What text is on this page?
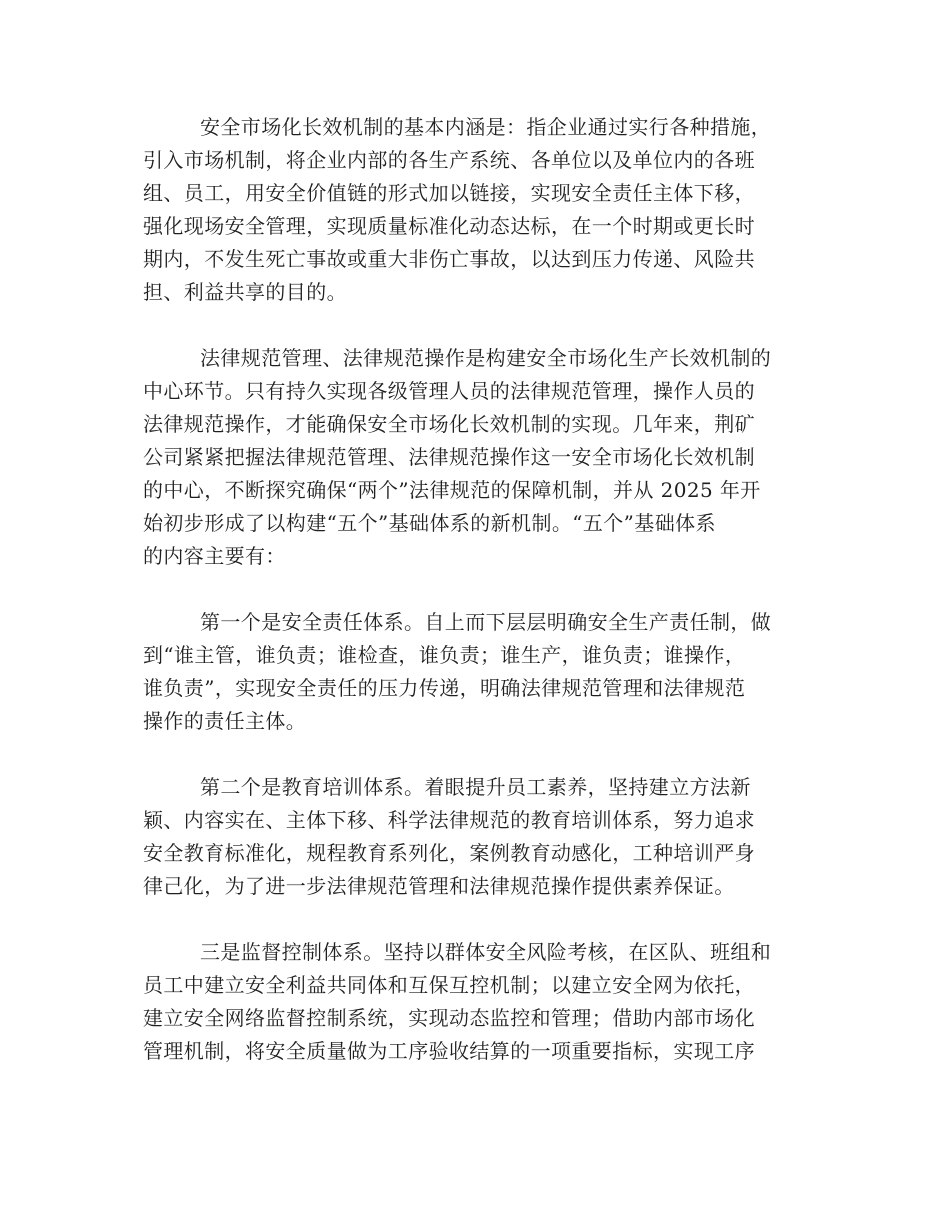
安全市场化长效机制的基本内涵是：指企业通过实行各种措施，
引入市场机制，将企业内部的各生产系统、各单位以及单位内的各班
组、员工，用安全价值链的形式加以链接，实现安全责任主体下移，
强化现场安全管理，实现质量标准化动态达标，在一个时期或更长时
期内，不发生死亡事故或重大非伤亡事故，以达到压力传递、风险共
担、利益共享的目的。
法律规范管理、法律规范操作是构建安全市场化生产长效机制的
中心环节。只有持久实现各级管理人员的法律规范管理，操作人员的
法律规范操作，才能确保安全市场化长效机制的实现。几年来，荆矿
公司紧紧把握法律规范管理、法律规范操作这一安全市场化长效机制
的中心，不断探究确保“两个”法律规范的保障机制，并从 2025 年开
始初步形成了以构建“五个”基础体系的新机制。“五个”基础体系
的内容主要有：
第一个是安全责任体系。自上而下层层明确安全生产责任制，做
到“谁主管，谁负责；谁检查，谁负责；谁生产，谁负责；谁操作，
谁负责”，实现安全责任的压力传递，明确法律规范管理和法律规范
操作的责任主体。
第二个是教育培训体系。着眼提升员工素养，坚持建立方法新
颖、内容实在、主体下移、科学法律规范的教育培训体系，努力追求
安全教育标准化，规程教育系列化，案例教育动感化，工种培训严身
律己化，为了进一步法律规范管理和法律规范操作提供素养保证。
三是监督控制体系。坚持以群体安全风险考核，在区队、班组和
员工中建立安全利益共同体和互保互控机制；以建立安全网为依托，
建立安全网络监督控制系统，实现动态监控和管理；借助内部市场化
管理机制，将安全质量做为工序验收结算的一项重要指标，实现工序
